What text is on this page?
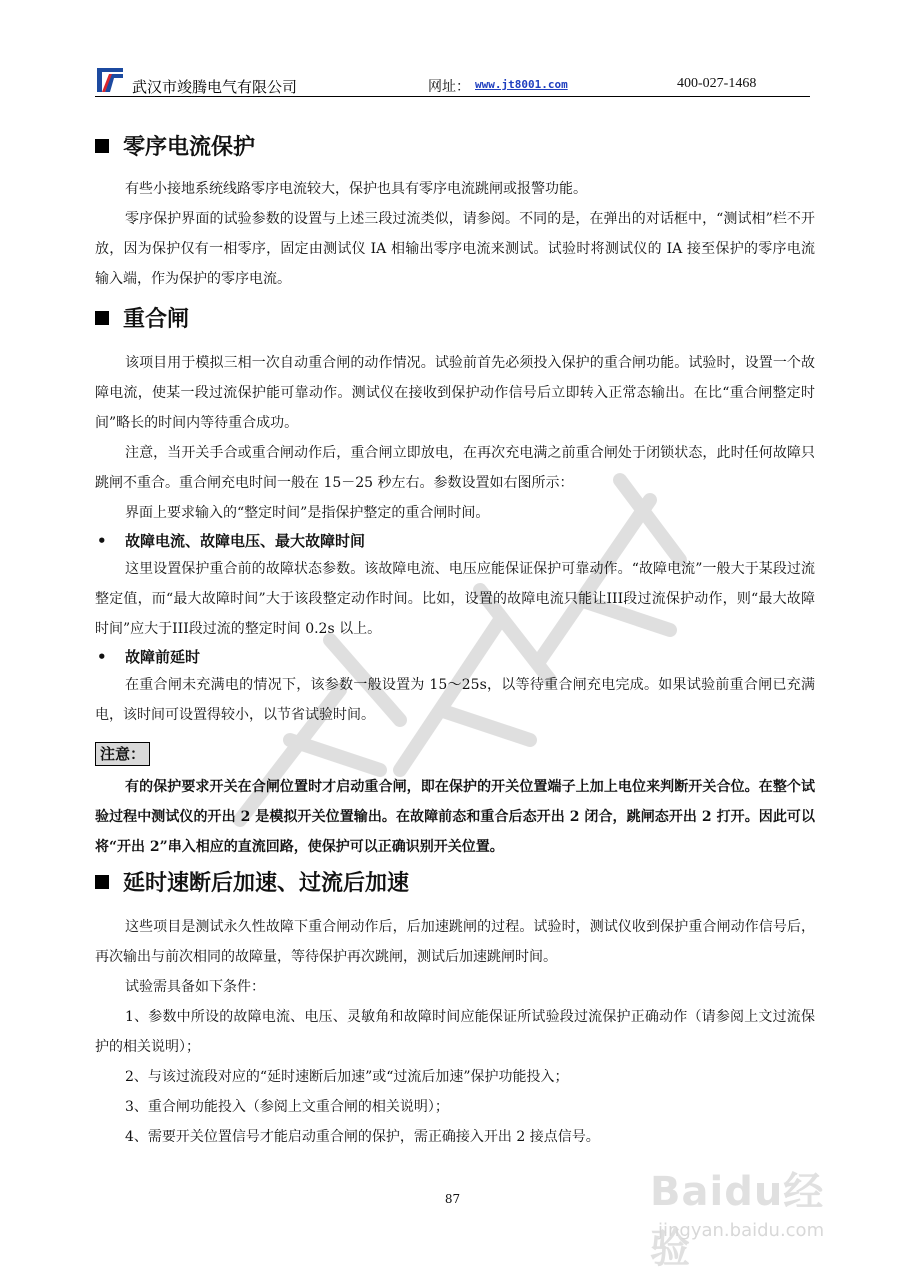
武汉市竣腾电气有限公司	网址： www.jt8001.com	400-027-1468
零序电流保护

有些小接地系统线路零序电流较大，保护也具有零序电流跳闸或报警功能。

零序保护界面的试验参数的设置与上述三段过流类似，请参阅。不同的是，在弹出的对话框中，“测试相”栏不开放，因为保护仅有一相零序，固定由测试仪 IA 相输出零序电流来测试。试验时将测试仪的 IA 接至保护的零序电流输入端，作为保护的零序电流。

重合闸

该项目用于模拟三相一次自动重合闸的动作情况。试验前首先必须投入保护的重合闸功能。试验时，设置一个故障电流，使某一段过流保护能可靠动作。测试仪在接收到保护动作信号后立即转入正常态输出。在比“重合闸整定时间”略长的时间内等待重合成功。

注意，当开关手合或重合闸动作后，重合闸立即放电，在再次充电满之前重合闸处于闭锁状态，此时任何故障只跳闸不重合。重合闸充电时间一般在 15－25 秒左右。参数设置如右图所示：

界面上要求输入的“整定时间”是指保护整定的重合闸时间。

• 故障电流、故障电压、最大故障时间

这里设置保护重合前的故障状态参数。该故障电流、电压应能保证保护可靠动作。“故障电流”一般大于某段过流整定值，而“最大故障时间”大于该段整定动作时间。比如，设置的故障电流只能让III段过流保护动作，则“最大故障时间”应大于III段过流的整定时间 0.2s 以上。

• 故障前延时

在重合闸未充满电的情况下，该参数一般设置为 15～25s，以等待重合闸充电完成。如果试验前重合闸已充满电，该时间可设置得较小，以节省试验时间。

注意：

有的保护要求开关在合闸位置时才启动重合闸，即在保护的开关位置端子上加上电位来判断开关合位。在整个试验过程中测试仪的开出 2 是模拟开关位置输出。在故障前态和重合后态开出 2 闭合，跳闸态开出 2 打开。因此可以将“开出 2”串入相应的直流回路，使保护可以正确识别开关位置。

延时速断后加速、过流后加速

这些项目是测试永久性故障下重合闸动作后，后加速跳闸的过程。试验时，测试仪收到保护重合闸动作信号后，再次输出与前次相同的故障量，等待保护再次跳闸，测试后加速跳闸时间。

试验需具备如下条件：

1、参数中所设的故障电流、电压、灵敏角和故障时间应能保证所试验段过流保护正确动作（请参阅上文过流保护的相关说明）；

2、与该过流段对应的“延时速断后加速”或“过流后加速”保护功能投入；

3、重合闸功能投入（参阅上文重合闸的相关说明）；

4、需要开关位置信号才能启动重合闸的保护，需正确接入开出 2 接点信号。

Baidu经验
jingyan.baidu.com
87
